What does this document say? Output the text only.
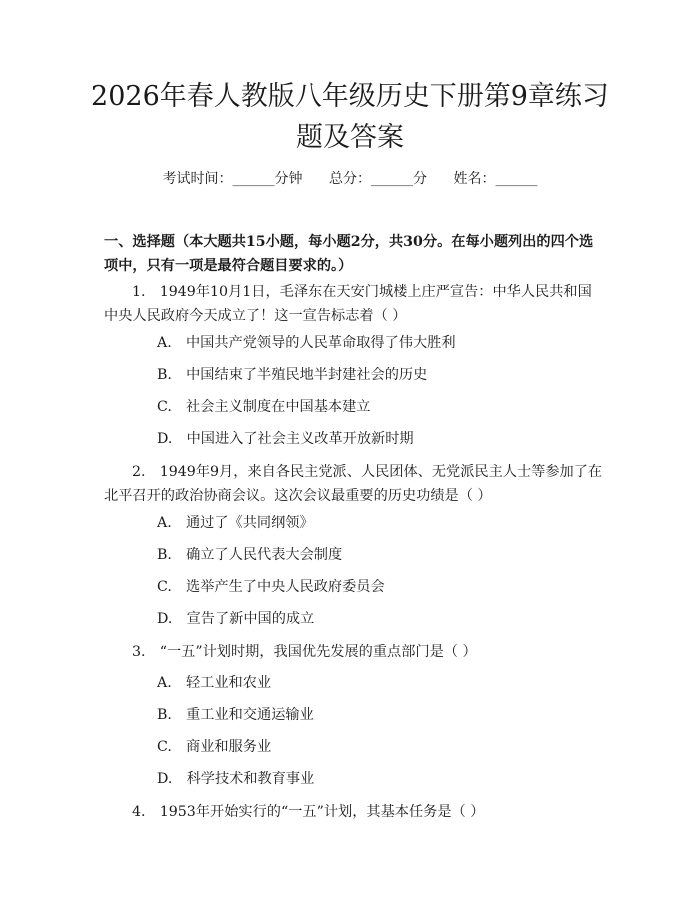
2026年春人教版八年级历史下册第9章练习题及答案
考试时间：______分钟 总分：______分 姓名：______
一、选择题（本大题共15小题，每小题2分，共30分。在每小题列出的四个选项中，只有一项是最符合题目要求的。）
1.　1949年10月1日，毛泽东在天安门城楼上庄严宣告：中华人民共和国中央人民政府今天成立了！这一宣告标志着（ ）
A.　中国共产党领导的人民革命取得了伟大胜利
B.　中国结束了半殖民地半封建社会的历史
C.　社会主义制度在中国基本建立
D.　中国进入了社会主义改革开放新时期
2.　1949年9月，来自各民主党派、人民团体、无党派民主人士等参加了在北平召开的政治协商会议。这次会议最重要的历史功绩是（ ）
A.　通过了《共同纲领》
B.　确立了人民代表大会制度
C.　选举产生了中央人民政府委员会
D.　宣告了新中国的成立
3.　“一五”计划时期，我国优先发展的重点部门是（ ）
A.　轻工业和农业
B.　重工业和交通运输业
C.　商业和服务业
D.　科学技术和教育事业
4.　1953年开始实行的“一五”计划，其基本任务是（ ）
